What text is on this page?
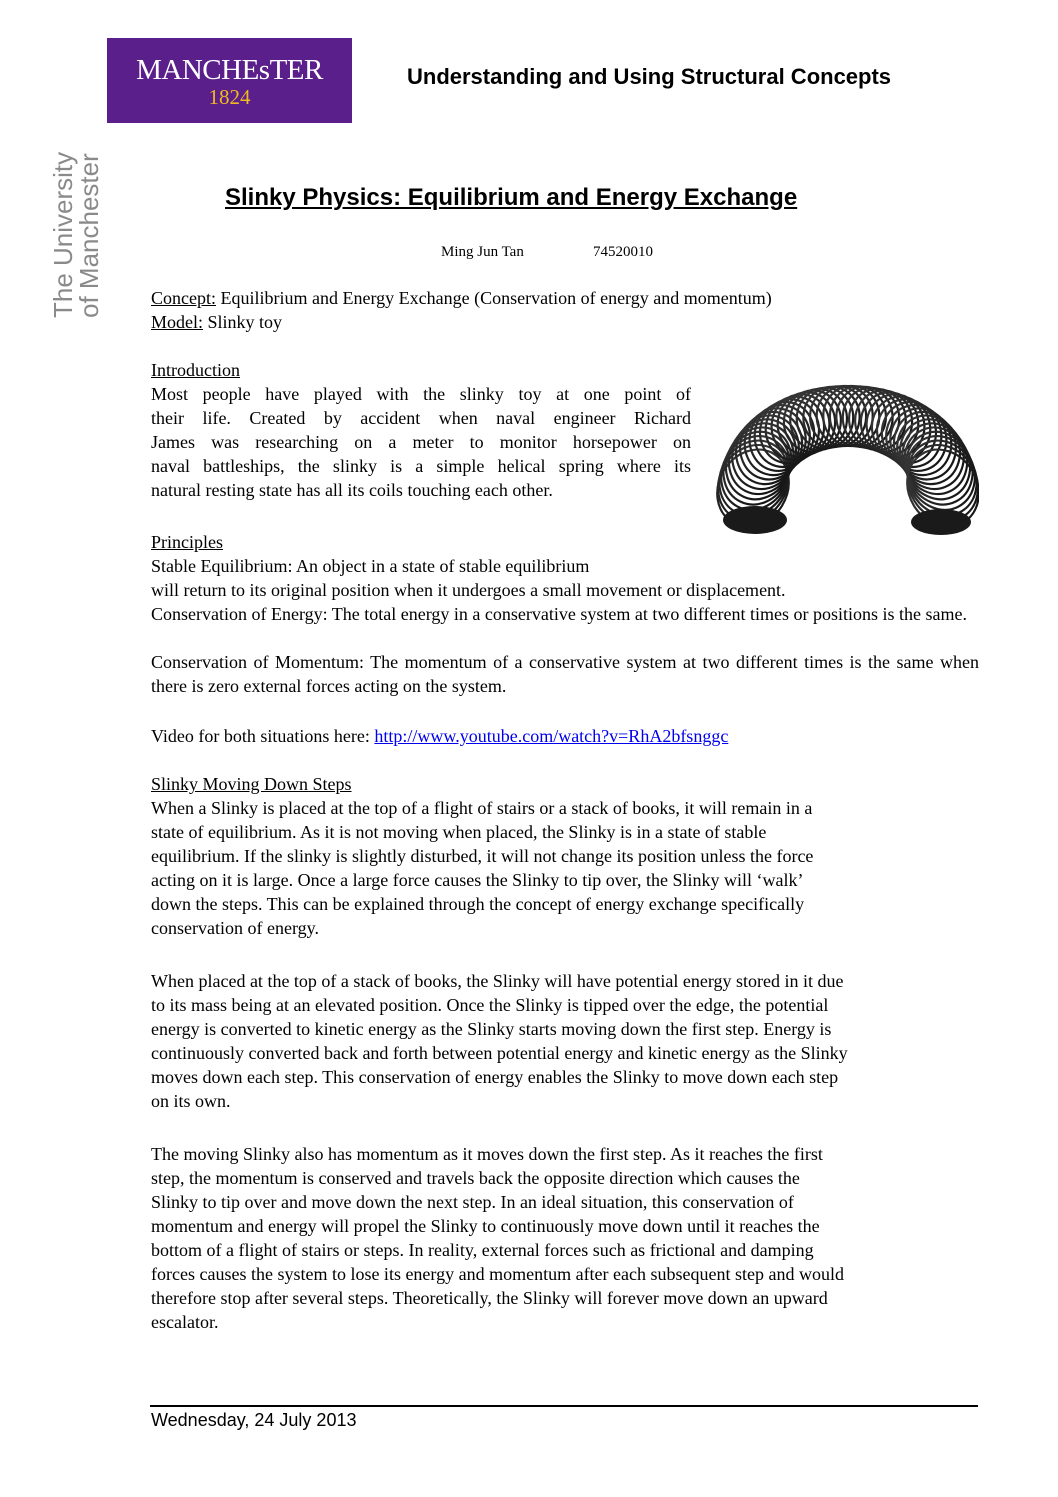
MANCHEsTER
1824
The University
of Manchester
Understanding and Using Structural Concepts
Slinky Physics: Equilibrium and Energy Exchange
Ming Jun Tan	74520010
Concept: Equilibrium and Energy Exchange (Conservation of energy and momentum)
Model: Slinky toy
Introduction
Most people have played with the slinky toy at one point of
their life. Created by accident when naval engineer Richard
James was researching on a meter to monitor horsepower on
naval battleships, the slinky is a simple helical spring where its
natural resting state has all its coils touching each other.
Principles
Stable Equilibrium: An object in a state of stable equilibrium
will return to its original position when it undergoes a small movement or displacement.
Conservation of Energy: The total energy in a conservative system at two different times or positions is the same.
Conservation of Momentum: The momentum of a conservative system at two different times is the same when there is zero external forces acting on the system.
Video for both situations here: http://www.youtube.com/watch?v=RhA2bfsnggc
Slinky Moving Down Steps
When a Slinky is placed at the top of a flight of stairs or a stack of books, it will remain in a
state of equilibrium. As it is not moving when placed, the Slinky is in a state of stable
equilibrium. If the slinky is slightly disturbed, it will not change its position unless the force
acting on it is large. Once a large force causes the Slinky to tip over, the Slinky will ‘walk’
down the steps. This can be explained through the concept of energy exchange specifically
conservation of energy.
When placed at the top of a stack of books, the Slinky will have potential energy stored in it due
to its mass being at an elevated position. Once the Slinky is tipped over the edge, the potential
energy is converted to kinetic energy as the Slinky starts moving down the first step. Energy is
continuously converted back and forth between potential energy and kinetic energy as the Slinky
moves down each step. This conservation of energy enables the Slinky to move down each step
on its own.
The moving Slinky also has momentum as it moves down the first step. As it reaches the first
step, the momentum is conserved and travels back the opposite direction which causes the
Slinky to tip over and move down the next step. In an ideal situation, this conservation of
momentum and energy will propel the Slinky to continuously move down until it reaches the
bottom of a flight of stairs or steps. In reality, external forces such as frictional and damping
forces causes the system to lose its energy and momentum after each subsequent step and would
therefore stop after several steps. Theoretically, the Slinky will forever move down an upward
escalator.
Wednesday, 24 July 2013
